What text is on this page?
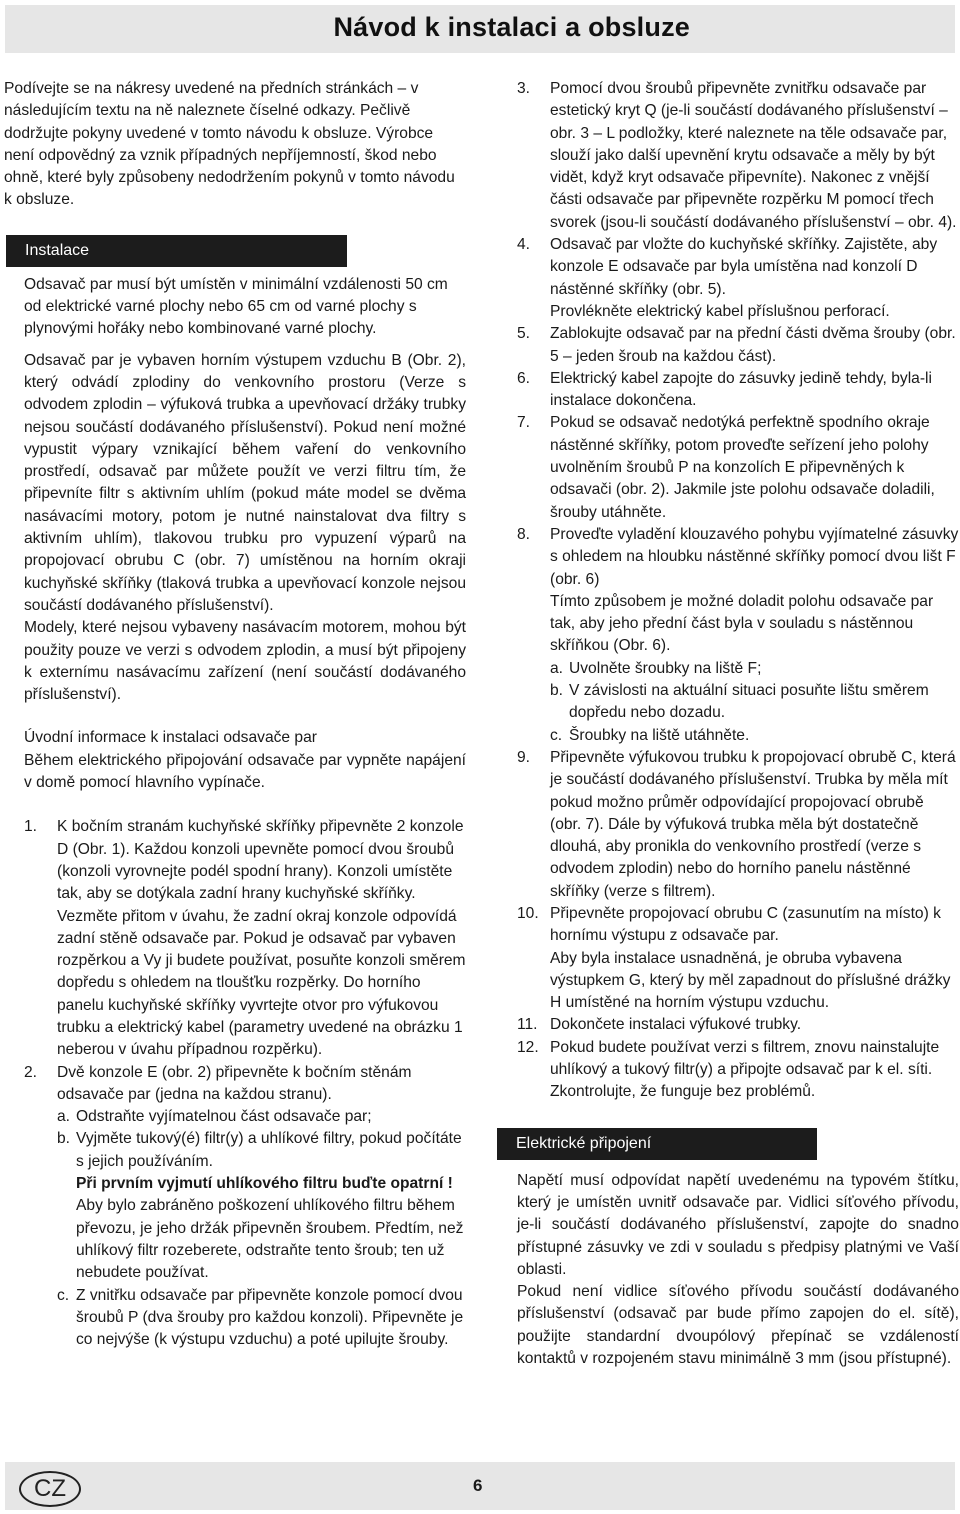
Návod k instalaci a obsluze

Podívejte se na nákresy uvedené na předních stránkách – v následujícím textu na ně naleznete číselné odkazy. Pečlivě dodržujte pokyny uvedené v tomto návodu k obsluze. Výrobce není odpovědný za vznik případných nepříjemností, škod nebo ohně, které byly způsobeny nedodržením pokynů v tomto návodu k obsluze.

Instalace

Odsavač par musí být umístěn v minimální vzdálenosti 50 cm od elektrické varné plochy nebo 65 cm od varné plochy s plynovými hořáky nebo kombinované varné plochy.

Odsavač par je vybaven horním výstupem vzduchu B (Obr. 2), který odvádí zplodiny do venkovního prostoru (Verze s odvodem zplodin – výfuková trubka a upevňovací držáky trubky nejsou součástí dodávaného příslušenství). Pokud není možné vypustit výpary vznikající během vaření do venkovního prostředí, odsavač par můžete použít ve verzi filtru tím, že připevníte filtr s aktivním uhlím (pokud máte model se dvěma nasávacími motory, potom je nutné nainstalovat dva filtry s aktivním uhlím), tlakovou trubku pro vypuzení výparů na propojovací obrubu C (obr. 7) umístěnou na horním okraji kuchyňské skříňky (tlaková trubka a upevňovací konzole nejsou součástí dodávaného příslušenství).

Modely, které nejsou vybaveny nasávacím motorem, mohou být použity pouze ve verzi s odvodem zplodin, a musí být připojeny k externímu nasávacímu zařízení (není součástí dodávaného příslušenství).

Úvodní informace k instalaci odsavače par

Během elektrického připojování odsavače par vypněte napájení v domě pomocí hlavního vypínače.

1. K bočním stranám kuchyňské skříňky připevněte 2 konzole D (Obr. 1). Každou konzoli upevněte pomocí dvou šroubů (konzoli vyrovnejte podél spodní hrany). Konzoli umístěte tak, aby se dotýkala zadní hrany kuchyňské skříňky. Vezměte přitom v úvahu, že zadní okraj konzole odpovídá zadní stěně odsavače par. Pokud je odsavač par vybaven rozpěrkou a Vy ji budete používat, posuňte konzoli směrem dopředu s ohledem na tloušťku rozpěrky. Do horního panelu kuchyňské skříňky vyvrtejte otvor pro výfukovou trubku a elektrický kabel (parametry uvedené na obrázku 1 neberou v úvahu případnou rozpěrku).
2. Dvě konzole E (obr. 2) připevněte k bočním stěnám odsavače par (jedna na každou stranu).
a. Odstraňte vyjímatelnou část odsavače par;
b. Vyjměte tukový(é) filtr(y) a uhlíkové filtry, pokud počítáte s jejich používáním.
Při prvním vyjmutí uhlíkového filtru buďte opatrní !
Aby bylo zabráněno poškození uhlíkového filtru během převozu, je jeho držák připevněn šroubem. Předtím, než uhlíkový filtr rozeberete, odstraňte tento šroub; ten už nebudete používat.
c. Z vnitřku odsavače par připevněte konzole pomocí dvou šroubů P (dva šrouby pro každou konzoli). Připevněte je co nejvýše (k výstupu vzduchu) a poté upilujte šrouby.
3. Pomocí dvou šroubů připevněte zvnitřku odsavače par estetický kryt Q (je-li součástí dodávaného příslušenství – obr. 3 – L podložky, které naleznete na těle odsavače par, slouží jako další upevnění krytu odsavače a měly by být vidět, když kryt odsavače připevníte). Nakonec z vnější části odsavače par připevněte rozpěrku M pomocí třech svorek (jsou-li součástí dodávaného příslušenství – obr. 4).
4. Odsavač par vložte do kuchyňské skříňky. Zajistěte, aby konzole E odsavače par byla umístěna nad konzolí D nástěnné skříňky (obr. 5).
Provlékněte elektrický kabel příslušnou perforací.
5. Zablokujte odsavač par na přední části dvěma šrouby (obr. 5 – jeden šroub na každou část).
6. Elektrický kabel zapojte do zásuvky jedině tehdy, byla-li instalace dokončena.
7. Pokud se odsavač nedotýká perfektně spodního okraje nástěnné skříňky, potom proveďte seřízení jeho polohy uvolněním šroubů P na konzolích E připevněných k odsavači (obr. 2). Jakmile jste polohu odsavače doladili, šrouby utáhněte.
8. Proveďte vyladění klouzavého pohybu vyjímatelné zásuvky s ohledem na hloubku nástěnné skříňky pomocí dvou lišt F (obr. 6)
Tímto způsobem je možné doladit polohu odsavače par tak, aby jeho přední část byla v souladu s nástěnnou skříňkou (Obr. 6).
a. Uvolněte šroubky na liště F;
b. V závislosti na aktuální situaci posuňte lištu směrem dopředu nebo dozadu.
c. Šroubky na liště utáhněte.
9. Připevněte výfukovou trubku k propojovací obrubě C, která je součástí dodávaného příslušenství. Trubka by měla mít pokud možno průměr odpovídající propojovací obrubě (obr. 7). Dále by výfuková trubka měla být dostatečně dlouhá, aby pronikla do venkovního prostředí (verze s odvodem zplodin) nebo do horního panelu nástěnné skříňky (verze s filtrem).
10. Připevněte propojovací obrubu C (zasunutím na místo) k hornímu výstupu z odsavače par.
Aby byla instalace usnadněná, je obruba vybavena výstupkem G, který by měl zapadnout do příslušné drážky H umístěné na horním výstupu vzduchu.
11. Dokončete instalaci výfukové trubky.
12. Pokud budete používat verzi s filtrem, znovu nainstalujte uhlíkový a tukový filtr(y) a připojte odsavač par k el. síti. Zkontrolujte, že funguje bez problémů.
Elektrické připojení

Napětí musí odpovídat napětí uvedenému na typovém štítku, který je umístěn uvnitř odsavače par. Vidlici síťového přívodu, je-li součástí dodávaného příslušenství, zapojte do snadno přístupné zásuvky ve zdi v souladu s předpisy platnými ve Vaší oblasti.

Pokud není vidlice síťového přívodu součástí dodávaného příslušenství (odsavač par bude přímo zapojen do el. sítě), použijte standardní dvoupólový přepínač se vzdáleností kontaktů v rozpojeném stavu minimálně 3 mm (jsou přístupné).

CZ	6
